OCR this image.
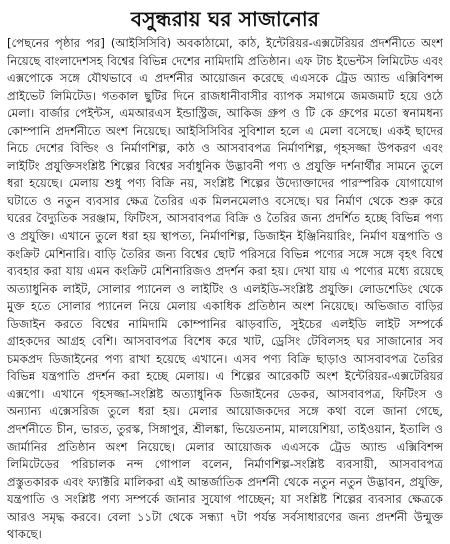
বসুন্ধরায় ঘর সাজানোর

[পেছনের পৃষ্ঠার পর] (আইসিসিবি) অবকাঠামো, কাঠ, ইন্টেরিয়র-এক্সটেরিয়র প্রদর্শনীতে অংশ নিয়েছে বাংলাদেশসহ বিশ্বের বিভিন্ন দেশের নামিদামি প্রতিষ্ঠান। এফ টাচ ইভেন্টস লিমিটেড এবং এক্সপোকে সঙ্গে যৌথভাবে এ প্রদর্শনীর আয়োজন করেছে এএসকে ট্রেড অ্যান্ড এক্সিবিশন্স প্রাইভেট লিমিটেড। গতকাল ছুটির দিনে রাজধানীবাসীর ব্যাপক সমাগমে জমজমাট হয়ে ওঠে মেলা। বার্জার পেইন্টস, এমআরএস ইন্ডাস্ট্রিজ, আকিজ গ্রুপ ও টি কে গ্রুপের মতো স্বনামধন্য কোম্পানি প্রদর্শনীতে অংশ নিয়েছে। আইসিসিবির সুবিশাল হলে এ মেলা বসেছে। একই ছাদের নিচে দেশের বিল্ডিং ও নির্মাণশিল্প, কাঠ ও আসবাবপত্র নির্মাণশিল্প, গৃহসজ্জা উপকরণ এবং লাইটিং প্রযুক্তিসংশ্লিষ্ট শিল্পের বিশ্বের সর্বাধুনিক উদ্ভাবনী পণ্য ও প্রযুক্তি দর্শনার্থীর সামনে তুলে ধরা হয়েছে। মেলায় শুধু পণ্য বিক্রি নয়, সংশ্লিষ্ট শিল্পের উদ্যোক্তাদের পারস্পরিক যোগাযোগ ঘটাতে ও নতুন ব্যবসার ক্ষেত্র তৈরির এক মিলনমেলাও বসেছে। ঘর নির্মাণ থেকে শুরু করে ঘরের বৈদ্যুতিক সরঞ্জাম, ফিটিংস, আসবাবপত্র বিক্রি ও তৈরির জন্য প্রদর্শিত হচ্ছে বিভিন্ন পণ্য ও প্রযুক্তি। এখানে তুলে ধরা হয় স্থাপত্য, নির্মাণশিল্প, ডিজাইন ইঞ্জিনিয়ারিং, নির্মাণ যন্ত্রপাতি ও কংক্রিট মেশিনারি। বাড়ি তৈরির জন্য বিশ্বের ছোট পরিসরে বিভিন্ন পণ্যের সঙ্গে সঙ্গে বৃহৎ বিশ্বে ব্যবহার করা যায় এমন কংক্রিট মেশিনারিজও প্রদর্শন করা হয়। দেখা যায় এ পণ্যের মধ্যে রয়েছে অত্যাধুনিক লাইট, সোলার প্যানেল ও লাইটিং ও এলইডি-সংশ্লিষ্ট প্রযুক্তি। লোডশেডিং থেকে মুক্ত হতে সোলার প্যানেল নিয়ে মেলায় একাধিক প্রতিষ্ঠান অংশ নিয়েছে। অভিজাত বাড়ির ডিজাইন করতে বিশ্বের নামিদামি কোম্পানির ঝাড়বাতি, সুইচের এলইডি লাইট সম্পর্কে গ্রাহকদের আগ্রহ বেশি। আসবাবপত্র বিশেষ করে খাট, ড্রেসিং টেবিলসহ ঘর সাজানোর সব চমকপ্রদ ডিজাইনের পণ্য রাখা হয়েছে এখানে। এসব পণ্য বিক্রি ছাড়াও আসবাবপত্র তৈরির বিভিন্ন যন্ত্রপাতি প্রদর্শন করা হচ্ছে মেলায়। এ শিল্পের আরেকটি অংশ ইন্টেরিয়র-এক্সটেরিয়র এক্সপো। এখানে গৃহসজ্জা-সংশ্লিষ্ট অত্যাধুনিক ডিজাইনের ডেকর, আসবাবপত্র, ফিটিংস ও অন্যান্য এক্সেসরিজ তুলে ধরা হয়। মেলার আয়োজকদের সঙ্গে কথা বলে জানা গেছে, প্রদর্শনীতে চীন, ভারত, তুরস্ক, সিঙ্গাপুর, শ্রীলঙ্কা, ভিয়েতনাম, মালয়েশিয়া, তাইওয়ান, ইতালি ও জার্মানির প্রতিষ্ঠান অংশ নিয়েছে। মেলার আয়োজক এএসকে ট্রেড অ্যান্ড এক্সিবিশন্স লিমিটেডের পরিচালক নন্দ গোপাল বলেন, নির্মাণশিল্প-সংশ্লিষ্ট ব্যবসায়ী, আসবাবপত্র প্রস্তুতকারক এবং ফ্যাক্টরি মালিকরা এই আন্তর্জাতিক প্রদর্শনী থেকে নতুন নতুন উদ্ভাবন, প্রযুক্তি, যন্ত্রপাতি ও সংশ্লিষ্ট পণ্য সম্পর্কে জানার সুযোগ পাচ্ছেন; যা সংশ্লিষ্ট শিল্পের ব্যবসার ক্ষেত্রকে আরও সমৃদ্ধ করবে। বেলা ১১টা থেকে সন্ধ্যা ৭টা পর্যন্ত সর্বসাধারণের জন্য প্রদর্শনী উন্মুক্ত থাকছে।
